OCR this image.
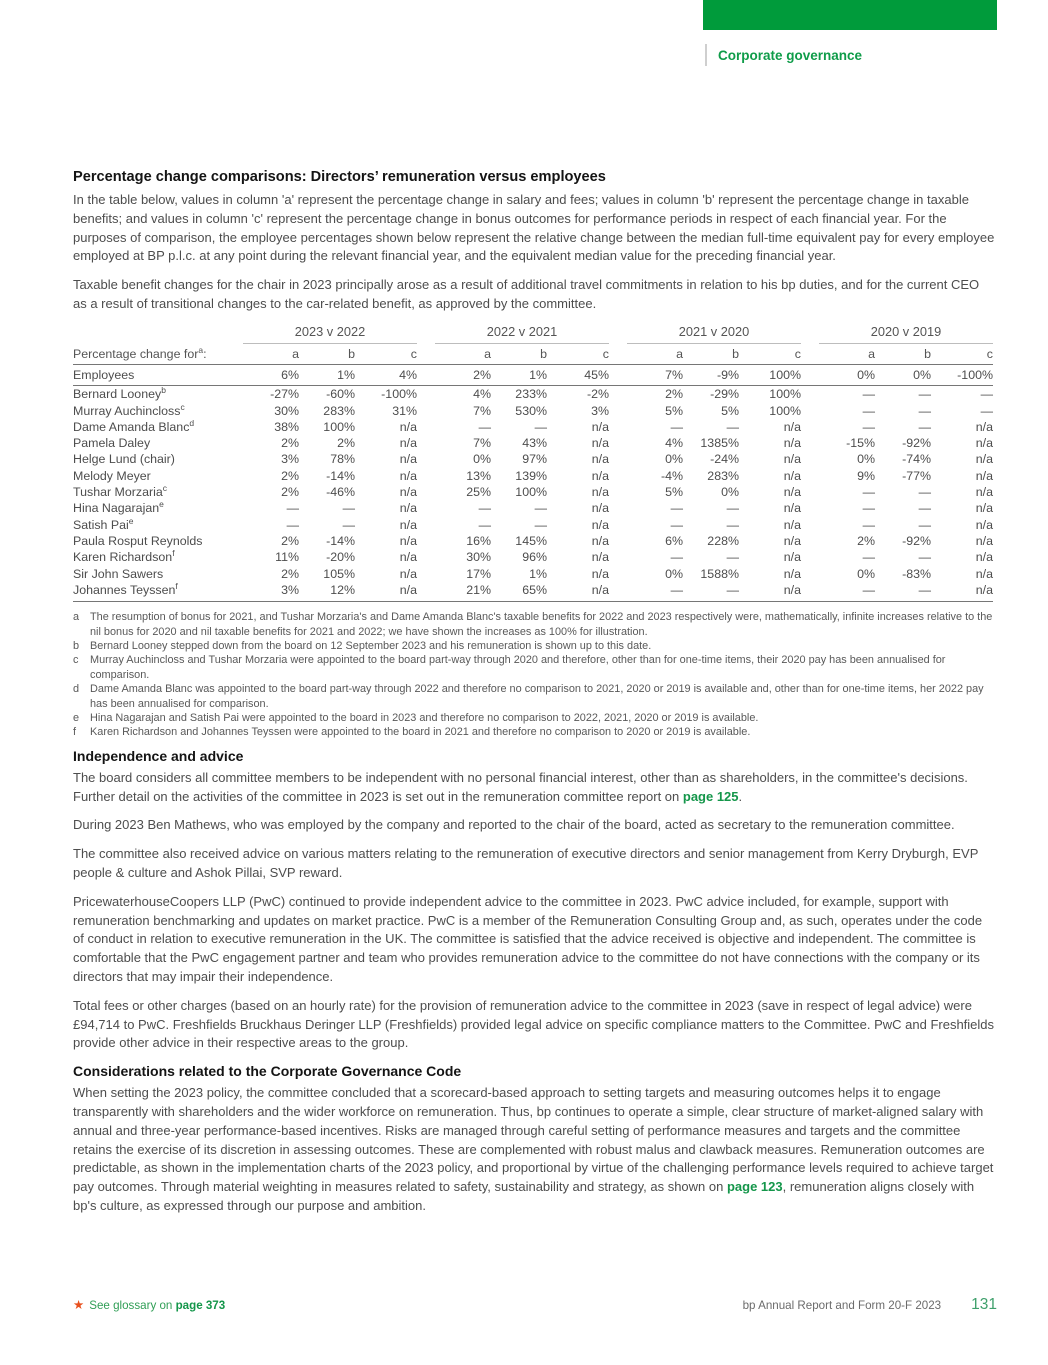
Corporate governance
Percentage change comparisons: Directors’ remuneration versus employees

In the table below, values in column 'a' represent the percentage change in salary and fees; values in column 'b' represent the percentage change in taxable benefits; and values in column 'c' represent the percentage change in bonus outcomes for performance periods in respect of each financial year. For the purposes of comparison, the employee percentages shown below represent the relative change between the median full-time equivalent pay for every employee employed at BP p.l.c. at any point during the relevant financial year, and the equivalent median value for the preceding financial year.

Taxable benefit changes for the chair in 2023 principally arose as a result of additional travel commitments in relation to his bp duties, and for the current CEO as a result of transitional changes to the car-related benefit, as approved by the committee.

	2023 v 2022				2022 v 2021				2021 v 2020				2020 v 2019		
Percentage change for$^a$:	a	b	c		a	b	c		a	b	c		a	b	c
Employees	6%	1%	4%		2%	1%	45%		7%	-9%	100%		0%	0%	-100%
Bernard Looney$^b$	-27%	-60%	-100%		4%	233%	-2%		2%	-29%	100%		—	—	—
Murray Auchincloss$^c$	30%	283%	31%		7%	530%	3%		5%	5%	100%		—	—	—
Dame Amanda Blanc$^d$	38%	100%	n/a		—	—	n/a		—	—	n/a		—	—	n/a
Pamela Daley	2%	2%	n/a		7%	43%	n/a		4%	1385%	n/a		-15%	-92%	n/a
Helge Lund (chair)	3%	78%	n/a		0%	97%	n/a		0%	-24%	n/a		0%	-74%	n/a
Melody Meyer	2%	-14%	n/a		13%	139%	n/a		-4%	283%	n/a		9%	-77%	n/a
Tushar Morzaria$^c$	2%	-46%	n/a		25%	100%	n/a		5%	0%	n/a		—	—	n/a
Hina Nagarajan$^e$	—	—	n/a		—	—	n/a		—	—	n/a		—	—	n/a
Satish Pai$^e$	—	—	n/a		—	—	n/a		—	—	n/a		—	—	n/a
Paula Rosput Reynolds	2%	-14%	n/a		16%	145%	n/a		6%	228%	n/a		2%	-92%	n/a
Karen Richardson$^f$	11%	-20%	n/a		30%	96%	n/a		—	—	n/a		—	—	n/a
Sir John Sawers	2%	105%	n/a		17%	1%	n/a		0%	1588%	n/a		0%	-83%	n/a
Johannes Teyssen$^f$	3%	12%	n/a		21%	65%	n/a		—	—	n/a		—	—	n/a
a	The resumption of bonus for 2021, and Tushar Morzaria's and Dame Amanda Blanc's taxable benefits for 2022 and 2023 respectively were, mathematically, infinite increases relative to the nil bonus for 2020 and nil taxable benefits for 2021 and 2022; we have shown the increases as 100% for illustration.
b	Bernard Looney stepped down from the board on 12 September 2023 and his remuneration is shown up to this date.
c	Murray Auchincloss and Tushar Morzaria were appointed to the board part-way through 2020 and therefore, other than for one-time items, their 2020 pay has been annualised for comparison.
d	Dame Amanda Blanc was appointed to the board part-way through 2022 and therefore no comparison to 2021, 2020 or 2019 is available and, other than for one-time items, her 2022 pay has been annualised for comparison.
e	Hina Nagarajan and Satish Pai were appointed to the board in 2023 and therefore no comparison to 2022, 2021, 2020 or 2019 is available.
f	Karen Richardson and Johannes Teyssen were appointed to the board in 2021 and therefore no comparison to 2020 or 2019 is available.
Independence and advice

The board considers all committee members to be independent with no personal financial interest, other than as shareholders, in the committee's decisions. Further detail on the activities of the committee in 2023 is set out in the remuneration committee report on page 125.

During 2023 Ben Mathews, who was employed by the company and reported to the chair of the board, acted as secretary to the remuneration committee.

The committee also received advice on various matters relating to the remuneration of executive directors and senior management from Kerry Dryburgh, EVP people & culture and Ashok Pillai, SVP reward.

PricewaterhouseCoopers LLP (PwC) continued to provide independent advice to the committee in 2023. PwC advice included, for example, support with remuneration benchmarking and updates on market practice. PwC is a member of the Remuneration Consulting Group and, as such, operates under the code of conduct in relation to executive remuneration in the UK. The committee is satisfied that the advice received is objective and independent. The committee is comfortable that the PwC engagement partner and team who provides remuneration advice to the committee do not have connections with the company or its directors that may impair their independence.

Total fees or other charges (based on an hourly rate) for the provision of remuneration advice to the committee in 2023 (save in respect of legal advice) were £94,714 to PwC. Freshfields Bruckhaus Deringer LLP (Freshfields) provided legal advice on specific compliance matters to the Committee. PwC and Freshfields provide other advice in their respective areas to the group.

Considerations related to the Corporate Governance Code

When setting the 2023 policy, the committee concluded that a scorecard-based approach to setting targets and measuring outcomes helps it to engage transparently with shareholders and the wider workforce on remuneration. Thus, bp continues to operate a simple, clear structure of market-aligned salary with annual and three-year performance-based incentives. Risks are managed through careful setting of performance measures and targets and the committee retains the exercise of its discretion in assessing outcomes. These are complemented with robust malus and clawback measures. Remuneration outcomes are predictable, as shown in the implementation charts of the 2023 policy, and proportional by virtue of the challenging performance levels required to achieve target pay outcomes. Through material weighting in measures related to safety, sustainability and strategy, as shown on page 123, remuneration aligns closely with bp's culture, as expressed through our purpose and ambition.

★ See glossary on page 373	bp Annual Report and Form 20-F 2023 131
